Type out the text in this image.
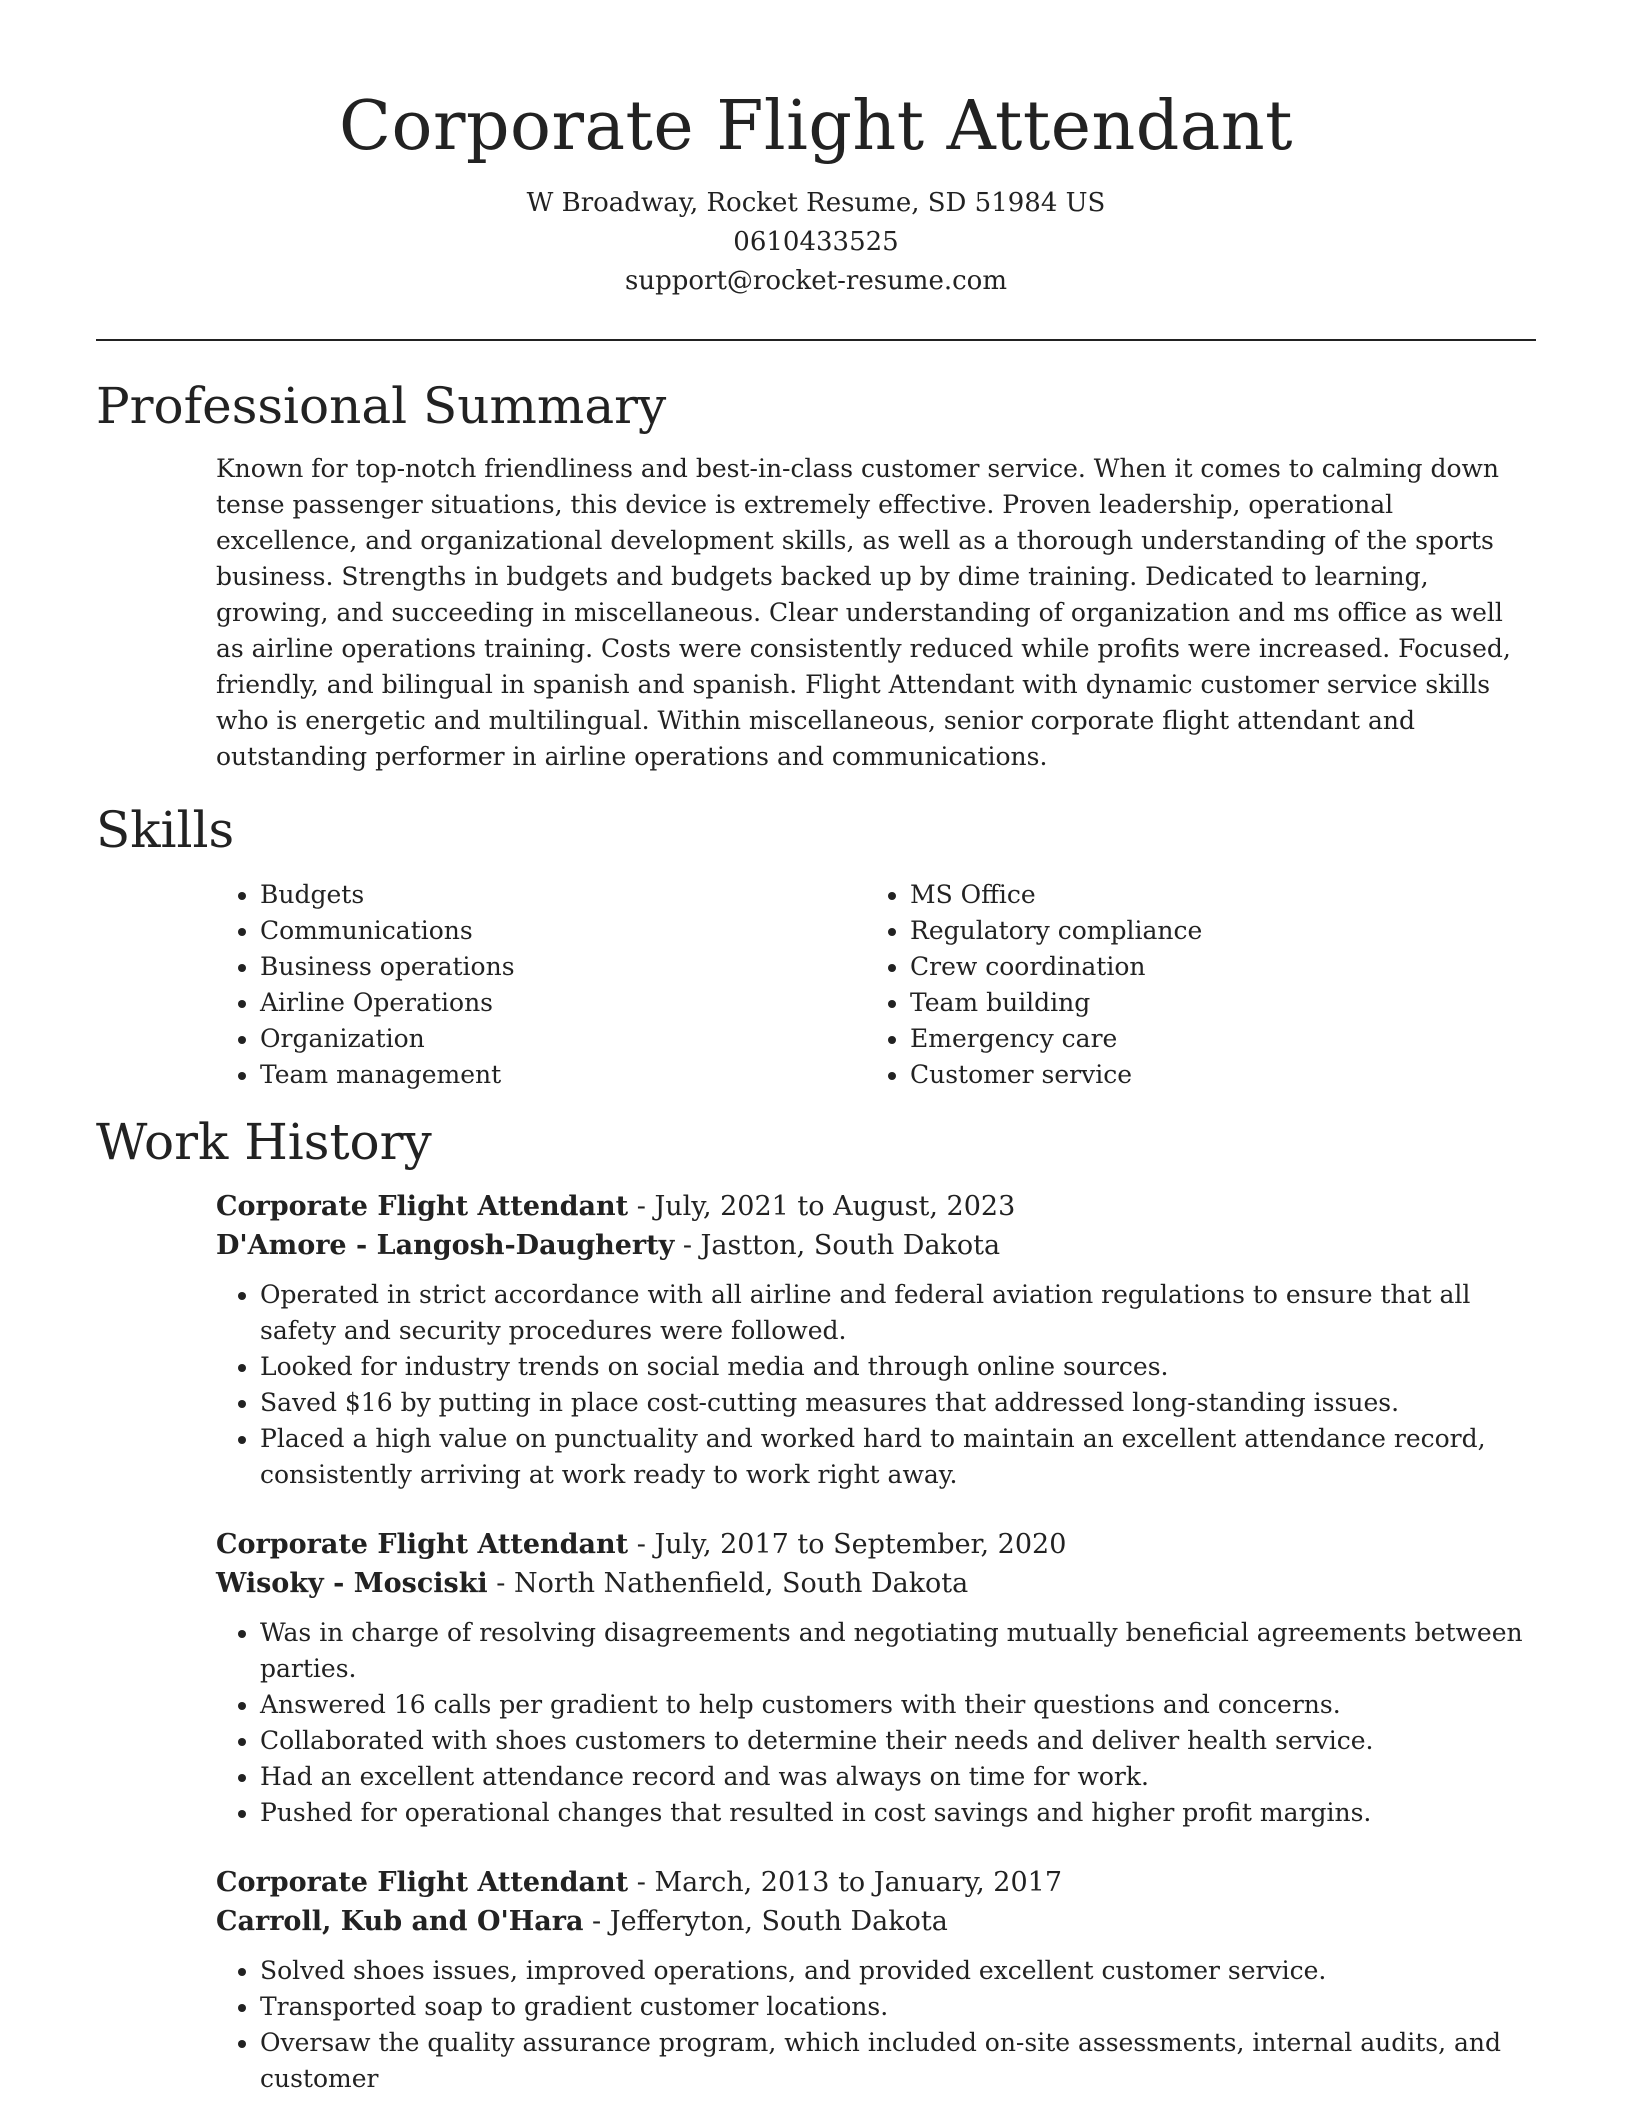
Corporate Flight Attendant
W Broadway, Rocket Resume, SD 51984 US
0610433525
support@rocket-resume.com
Professional Summary

Known for top-notch friendliness and best-in-class customer service. When it comes to calming down tense passenger situations, this device is extremely effective. Proven leadership, operational excellence, and organizational development skills, as well as a thorough understanding of the sports business. Strengths in budgets and budgets backed up by dime training. Dedicated to learning, growing, and succeeding in miscellaneous. Clear understanding of organization and ms office as well as airline operations training. Costs were consistently reduced while profits were increased. Focused, friendly, and bilingual in spanish and spanish. Flight Attendant with dynamic customer service skills who is energetic and multilingual. Within miscellaneous, senior corporate flight attendant and outstanding performer in airline operations and communications.

Skills
• Budgets
• Communications
• Business operations
• Airline Operations
• Organization
• Team management
• MS Office
• Regulatory compliance
• Crew coordination
• Team building
• Emergency care
• Customer service
Work History
Corporate Flight Attendant - July, 2021 to August, 2023
D'Amore - Langosh-Daugherty - Jastton, South Dakota
• Operated in strict accordance with all airline and federal aviation regulations to ensure that all safety and security procedures were followed.
• Looked for industry trends on social media and through online sources.
• Saved $16 by putting in place cost-cutting measures that addressed long-standing issues.
• Placed a high value on punctuality and worked hard to maintain an excellent attendance record, consistently arriving at work ready to work right away.
Corporate Flight Attendant - July, 2017 to September, 2020
Wisoky - Mosciski - North Nathenfield, South Dakota
• Was in charge of resolving disagreements and negotiating mutually beneficial agreements between parties.
• Answered 16 calls per gradient to help customers with their questions and concerns.
• Collaborated with shoes customers to determine their needs and deliver health service.
• Had an excellent attendance record and was always on time for work.
• Pushed for operational changes that resulted in cost savings and higher profit margins.
Corporate Flight Attendant - March, 2013 to January, 2017
Carroll, Kub and O'Hara - Jefferyton, South Dakota
• Solved shoes issues, improved operations, and provided excellent customer service.
• Transported soap to gradient customer locations.
• Oversaw the quality assurance program, which included on-site assessments, internal audits, and customer
